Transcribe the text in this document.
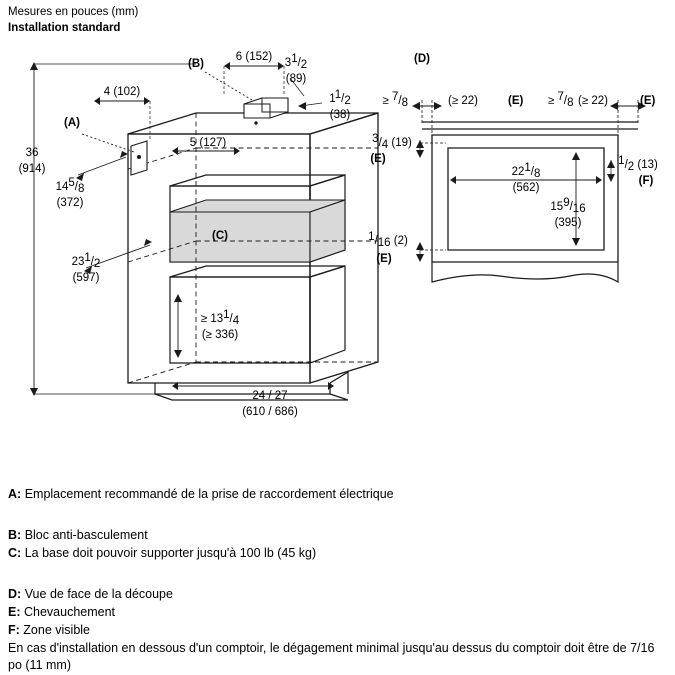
Mesures en pouces (mm)
Installation standard
36
(914)
145/8
(372)
231/2
(597)
4 (102)
6 (152) 31/2
(89)
11/2
(38)
5 (127)
≥ 131/4
(≥ 336)
24 / 27
(610 / 686)
(A)
(B)
(C)
(D)
≥ 7/8	(≥ 22)	(E) ≥ 7/8 (≥ 22)	(E)
3/4 (19)
(E)
221/8
(562)
159/16
(395)
1/2 (13)
(F)
1/16 (2)
(E)
A: Emplacement recommandé de la prise de raccordement électrique
B: Bloc anti-basculement
C: La base doit pouvoir supporter jusqu'à 100 lb (45 kg)
D: Vue de face de la découpe
E: Chevauchement
F: Zone visible
En cas d'installation en dessous d'un comptoir, le dégagement minimal jusqu'au dessus du comptoir doit être de 7/16 po (11 mm)
